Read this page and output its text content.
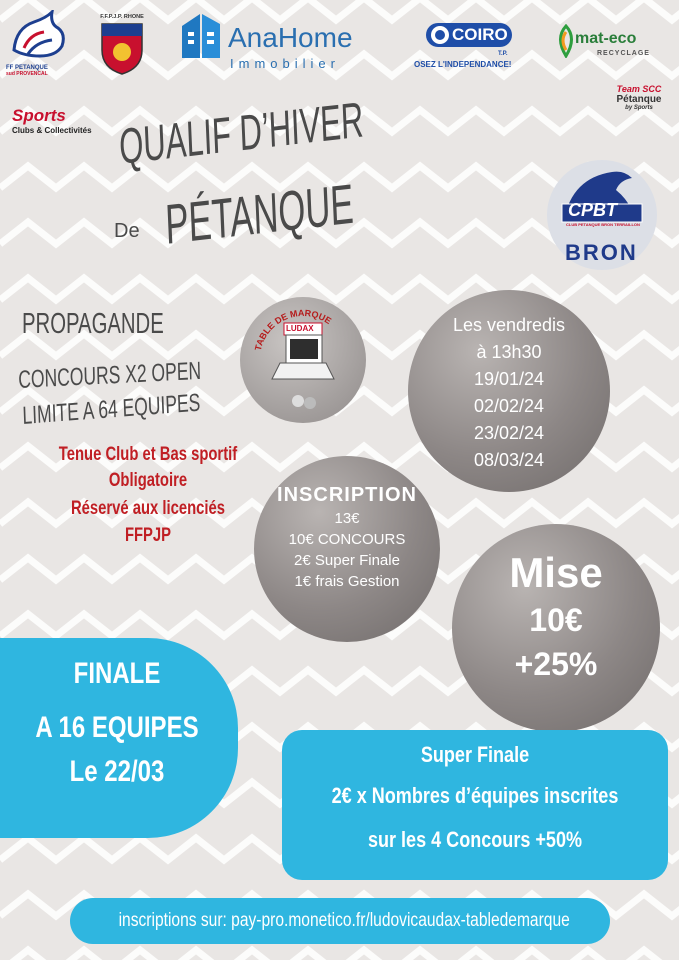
FF PETANQUE
sud PROVENCAL
F.F.P.J.P. RHONE
AnaHome
Immobilier
COIRO
T.P.
OSEZ L'INDEPENDANCE!
mat-eco
RECYCLAGE
Sports
Clubs & Collectivités
Team SCC
Pétanque
by Sports
CPBT
CLUB PETANQUE BRON TERRAILLON
BRON
QUALIF D’HIVER
De PÉTANQUE
PROPAGANDE
CONCOURS X2 OPEN
LIMITE A 64 EQUIPES
Tenue Club et Bas sportif
Obligatoire
Réservé aux licenciés
FFPJP
TABLE DE MARQUE
LUDAX	Les vendredis
à 13h30
19/01/24
02/02/24
23/02/24
08/03/24
INSCRIPTION
13€
10€ CONCOURS
2€ Super Finale
1€ frais Gestion	Mise
10€
+25%
FINALE
A 16 EQUIPES
Le 22/03
Super Finale
2€ x Nombres d’équipes inscrites
sur les 4 Concours +50%
inscriptions sur: pay-pro.monetico.fr/ludovicaudax-tabledemarque
